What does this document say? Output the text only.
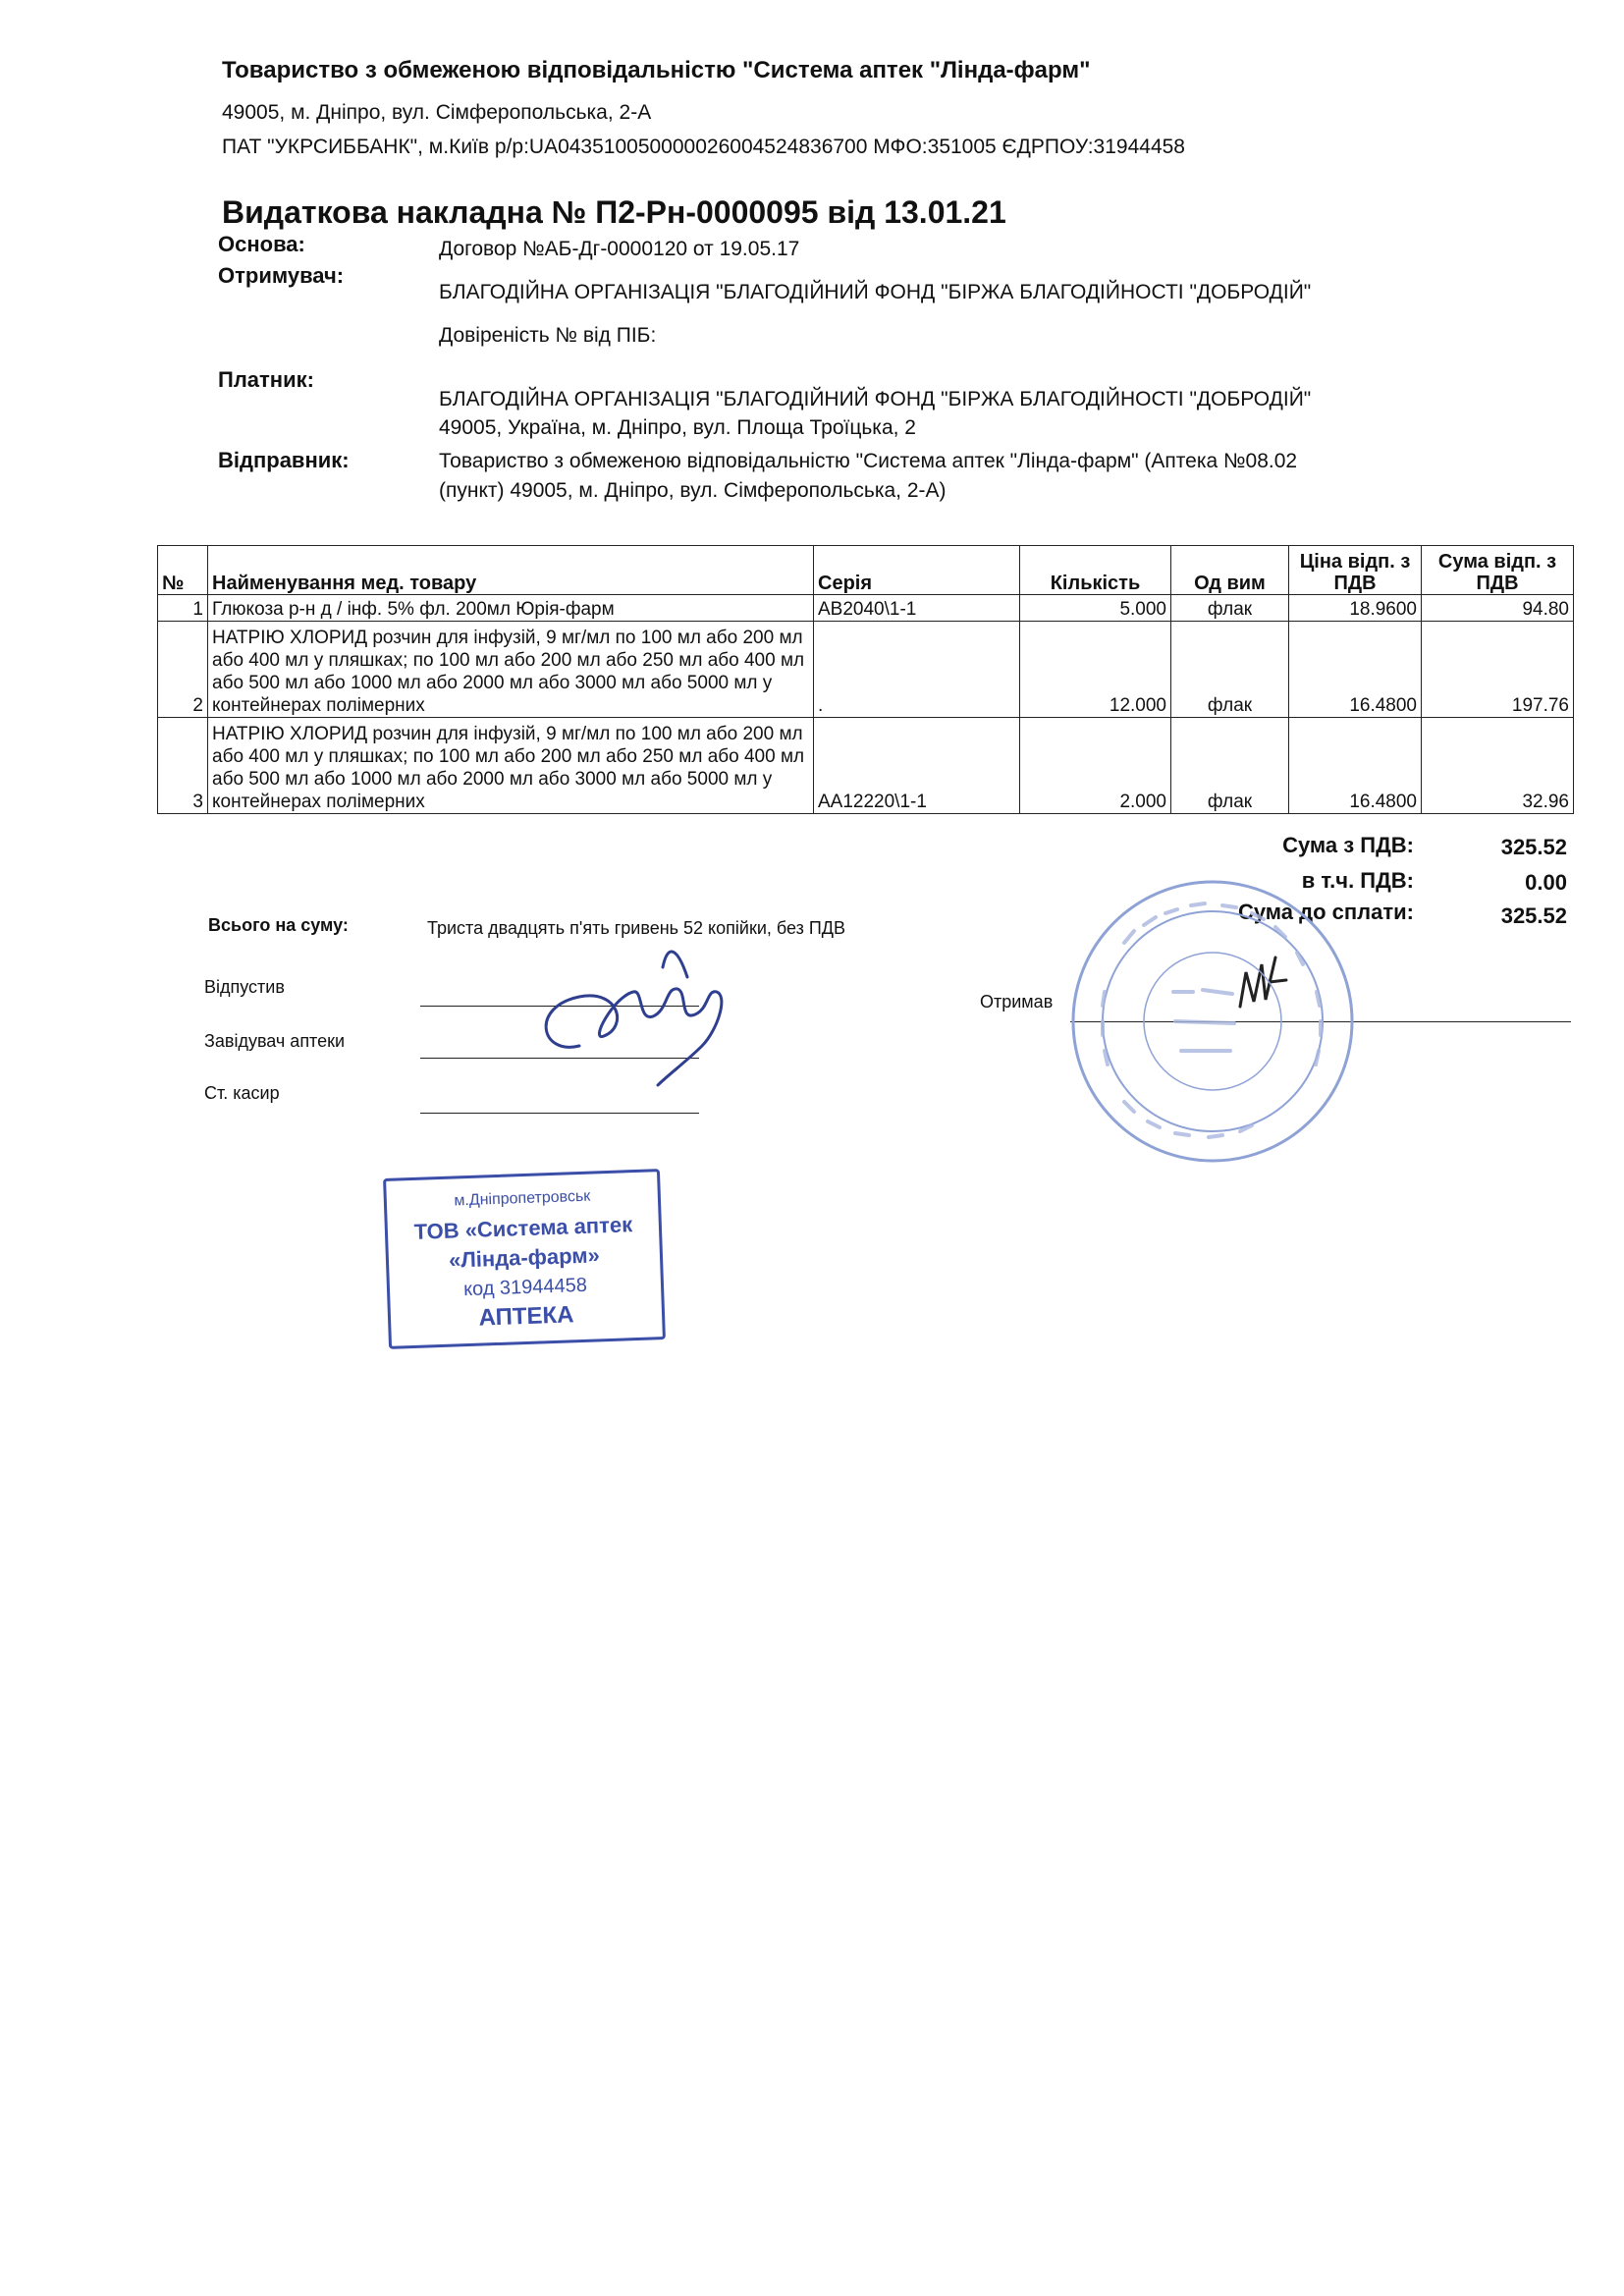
Товариство з обмеженою відповідальністю "Система аптек "Лінда-фарм"
49005, м. Дніпро, вул. Сімферопольська, 2-А
ПАТ "УКРСИББАНК", м.Київ р/р:UA043510050000026004524836700 МФО:351005 ЄДРПОУ:31944458
Видаткова накладна № П2-Рн-0000095 від 13.01.21
Основа:	Договор №АБ-Дг-0000120 от 19.05.17
Отримувач:
БЛАГОДІЙНА ОРГАНІЗАЦІЯ "БЛАГОДІЙНИЙ ФОНД "БІРЖА БЛАГОДІЙНОСТІ "ДОБРОДІЙ"
Довіреність № від ПІБ:
Платник:
БЛАГОДІЙНА ОРГАНІЗАЦІЯ "БЛАГОДІЙНИЙ ФОНД "БІРЖА БЛАГОДІЙНОСТІ "ДОБРОДІЙ"
49005, Україна, м. Дніпро, вул. Площа Троїцька, 2
Відправник:	Товариство з обмеженою відповідальністю "Система аптек "Лінда-фарм" (Аптека №08.02
(пункт) 49005, м. Дніпро, вул. Сімферопольська, 2-А)
№	Найменування мед. товару	Серія	Кількість	Од вим	Ціна відп. з ПДВ	Сума відп. з ПДВ
1	Глюкоза р-н д / інф. 5% фл. 200мл Юрія-фарм	АВ2040\1-1	5.000	флак	18.9600	94.80
2	НАТРІЮ ХЛОРИД розчин для інфузій, 9 мг/мл по 100 мл або 200 мл або 400 мл у пляшках; по 100 мл або 200 мл або 250 мл або 400 мл або 500 мл або 1000 мл або 2000 мл або 3000 мл або 5000 мл у контейнерах полімерних	.	12.000	флак	16.4800	197.76
3	НАТРІЮ ХЛОРИД розчин для інфузій, 9 мг/мл по 100 мл або 200 мл або 400 мл у пляшках; по 100 мл або 200 мл або 250 мл або 400 мл або 500 мл або 1000 мл або 2000 мл або 3000 мл або 5000 мл у контейнерах полімерних	АА12220\1-1	2.000	флак	16.4800	32.96
Сума з ПДВ:	325.52
в т.ч. ПДВ:	0.00
Сума до сплати:	325.52
Всього на суму:	Триста двадцять п'ять гривень 52 копійки, без ПДВ
Відпустив
Завідувач аптеки
Ст. касир
Отримав
м.Дніпропетровськ
ТОВ «Система аптек
«Лінда-фарм»
код 31944458
АПТЕКА
